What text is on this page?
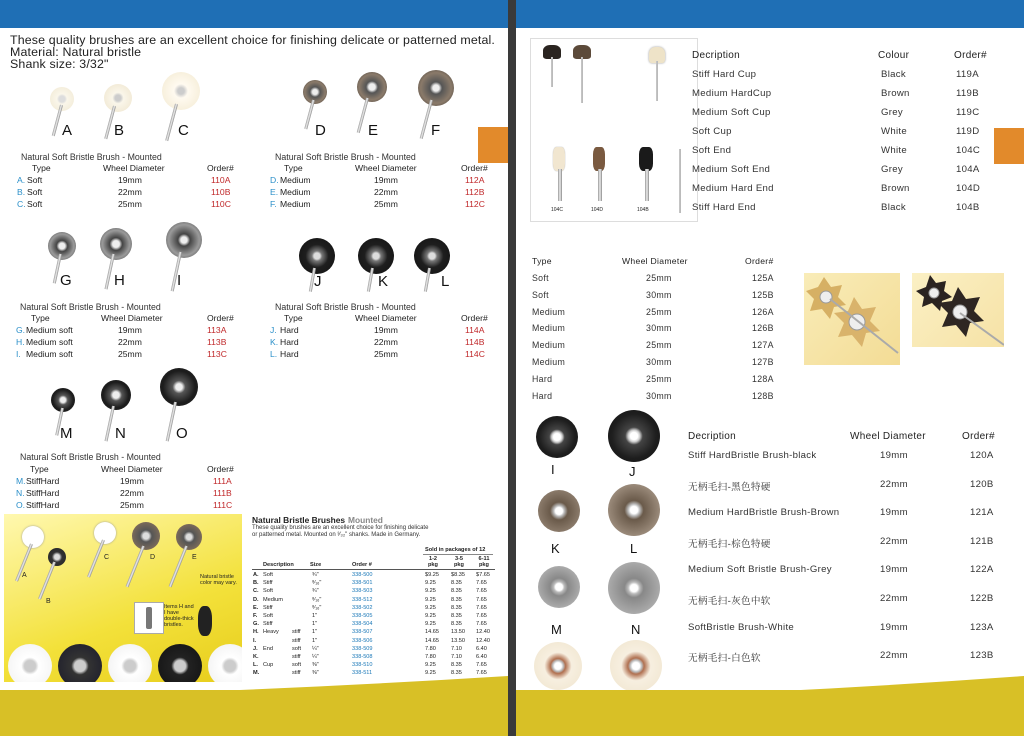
These quality brushes are an excellent choice for finishing delicate or patterned metal.
Material: Natural bristle
Shank size: 3/32"
A	B	C	D	E	F
G	H	I	J	K	L
M	N	O
Natural Soft Bristle Brush - Mounted
Type	Wheel Diameter	Order#
A. Soft	19mm	110A
B. Soft	22mm	110B
C. Soft	25mm	110C
Natural Soft Bristle Brush - Mounted
Type	Wheel Diameter	Order#
D. Medium	19mm	112A
E. Medium	22mm	112B
F. Medium	25mm	112C
Natural Soft Bristle Brush - Mounted
Type	Wheel Diameter	Order#
G. Medium soft	19mm	113A
H. Medium soft	22mm	113B
I. Medium soft	25mm	113C
Natural Soft Bristle Brush - Mounted
Type	Wheel Diameter	Order#
J. Hard	19mm	114A
K. Hard	22mm	114B
L. Hard	25mm	114C
Natural Soft Bristle Brush - Mounted
Type	Wheel Diameter	Order#
M. StiffHard	19mm	111A
N. StiffHard	22mm	111B
O. StiffHard	25mm	111C
A
B
C	D	E
Natural bristle color may vary.
Items H and I have double-thick bristles.
Natural Bristle Brushes Mounted
These quality brushes are an excellent choice for finishing delicate
or patterned metal. Mounted on ³⁄₃₂" shanks. Made in Germany.
Sold in packages of 12
Description	Size	Order #
1-2 pkg
3-5 pkg
6-11 pkg
A. Soft	¾"	338-500	$9.25 $8.35 $7.65
B. Stiff	⁸⁄₁₆"	338-501	9.25	8.35	7.65
C. Soft	¾"	338-503	9.25	8.35	7.65
D. Medium	⁸⁄₁₆"	338-512	9.25	8.35	7.65
E. Stiff	⁸⁄₁₆"	338-502	9.25	8.35	7.65
F. Soft	1"	338-505	9.25	8.35	7.65
G. Stiff	1"	338-504	9.25	8.35	7.65
H. Heavy stiff 1"	338-507	14.65 13.50 12.40
I.	stiff 1"	338-506	14.65 13.50 12.40
J. End	soft ¼"	338-509	7.80	7.10	6.40
K.	stiff ¼"	338-508	7.80	7.10	6.40
L. Cup	soft ⅜"	338-510	9.25	8.35	7.65
M.	stiff ⅜"	338-511	9.25	8.35	7.65
104C	104D	104B
Decription	Colour	Order#
Stiff Hard Cup	Black	119A
Medium HardCup	Brown	119B
Medium Soft Cup	Grey	119C
Soft Cup	White	119D
Soft End	White	104C
Medium Soft End	Grey	104A
Medium Hard End	Brown	104D
Stiff Hard End	Black	104B
Type	Wheel Diameter	Order#
Soft	25mm	125A
Soft	30mm	125B
Medium	25mm	126A
Medium	30mm	126B
Medium	25mm	127A
Medium	30mm	127B
Hard	25mm	128A
Hard	30mm	128B
I	J
K	L
M	N
Decription	Wheel Diameter	Order#
Stiff HardBristle Brush-black	19mm	120A
无柄毛扫-黑色特硬	22mm	120B
Medium HardBristle Brush-Brown	19mm	121A
无柄毛扫-棕色特硬	22mm	121B
Medium Soft Bristle Brush-Grey	19mm	122A
无柄毛扫-灰色中软	22mm	122B
SoftBristle Brush-White	19mm	123A
无柄毛扫-白色软	22mm	123B
